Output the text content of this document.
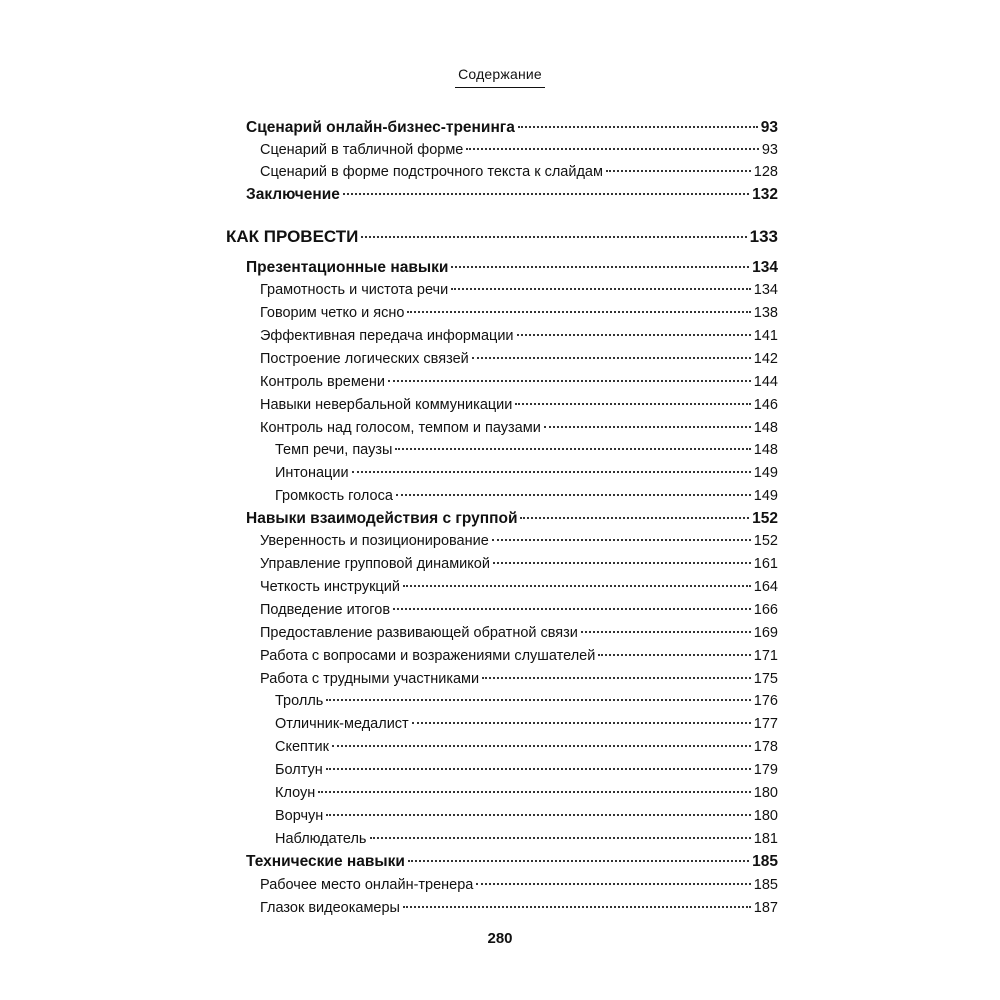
Содержание
Сценарий онлайн-бизнес-тренинга	93
Сценарий в табличной форме	93
Сценарий в форме подстрочного текста к слайдам	128
Заключение	132
КАК ПРОВЕСТИ	133
Презентационные навыки	134
Грамотность и чистота речи	134
Говорим четко и ясно	138
Эффективная передача информации	141
Построение логических связей	142
Контроль времени	144
Навыки невербальной коммуникации	146
Контроль над голосом, темпом и паузами	148
Темп речи, паузы	148
Интонации	149
Громкость голоса	149
Навыки взаимодействия с группой	152
Уверенность и позиционирование	152
Управление групповой динамикой	161
Четкость инструкций	164
Подведение итогов	166
Предоставление развивающей обратной связи	169
Работа с вопросами и возражениями слушателей	171
Работа с трудными участниками	175
Тролль	176
Отличник-медалист	177
Скептик	178
Болтун	179
Клоун	180
Ворчун	180
Наблюдатель	181
Технические навыки	185
Рабочее место онлайн-тренера	185
Глазок видеокамеры	187
280
